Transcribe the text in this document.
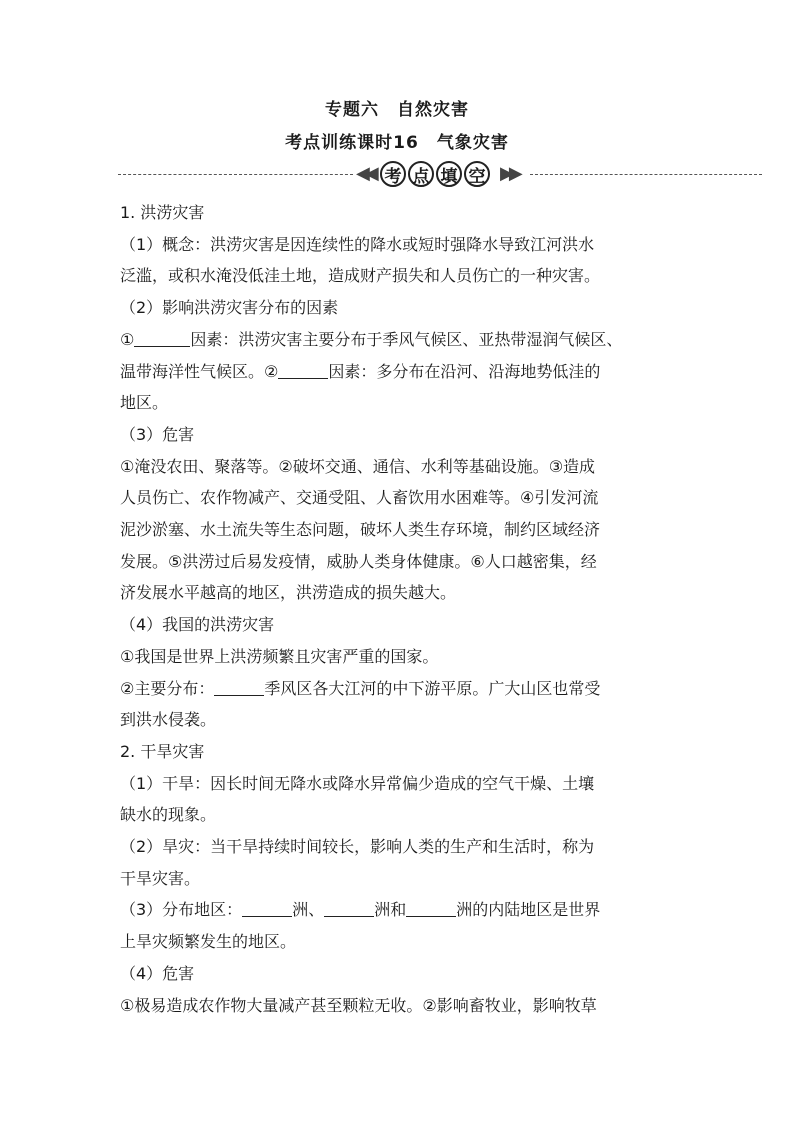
专题六　自然灾害
考点训练课时16　气象灾害
◀◀ 考 点 填 空 ▶▶

1. 洪涝灾害

（1）概念：洪涝灾害是因连续性的降水或短时强降水导致江河洪水

泛滥，或积水淹没低洼土地，造成财产损失和人员伤亡的一种灾害。

（2）影响洪涝灾害分布的因素

①	因素：洪涝灾害主要分布于季风气候区、亚热带湿润气候区、

温带海洋性气候区。②	因素：多分布在沿河、沿海地势低洼的

地区。

（3）危害

①淹没农田、聚落等。②破坏交通、通信、水利等基础设施。③造成

人员伤亡、农作物减产、交通受阻、人畜饮用水困难等。④引发河流

泥沙淤塞、水土流失等生态问题，破坏人类生存环境，制约区域经济

发展。⑤洪涝过后易发疫情，威胁人类身体健康。⑥人口越密集，经

济发展水平越高的地区，洪涝造成的损失越大。

（4）我国的洪涝灾害

①我国是世界上洪涝频繁且灾害严重的国家。

②主要分布：	季风区各大江河的中下游平原。广大山区也常受

到洪水侵袭。

2. 干旱灾害

（1）干旱：因长时间无降水或降水异常偏少造成的空气干燥、土壤

缺水的现象。

（2）旱灾：当干旱持续时间较长，影响人类的生产和生活时，称为

干旱灾害。

（3）分布地区：	洲、	洲和	洲的内陆地区是世界

上旱灾频繁发生的地区。

（4）危害

①极易造成农作物大量减产甚至颗粒无收。②影响畜牧业，影响牧草
